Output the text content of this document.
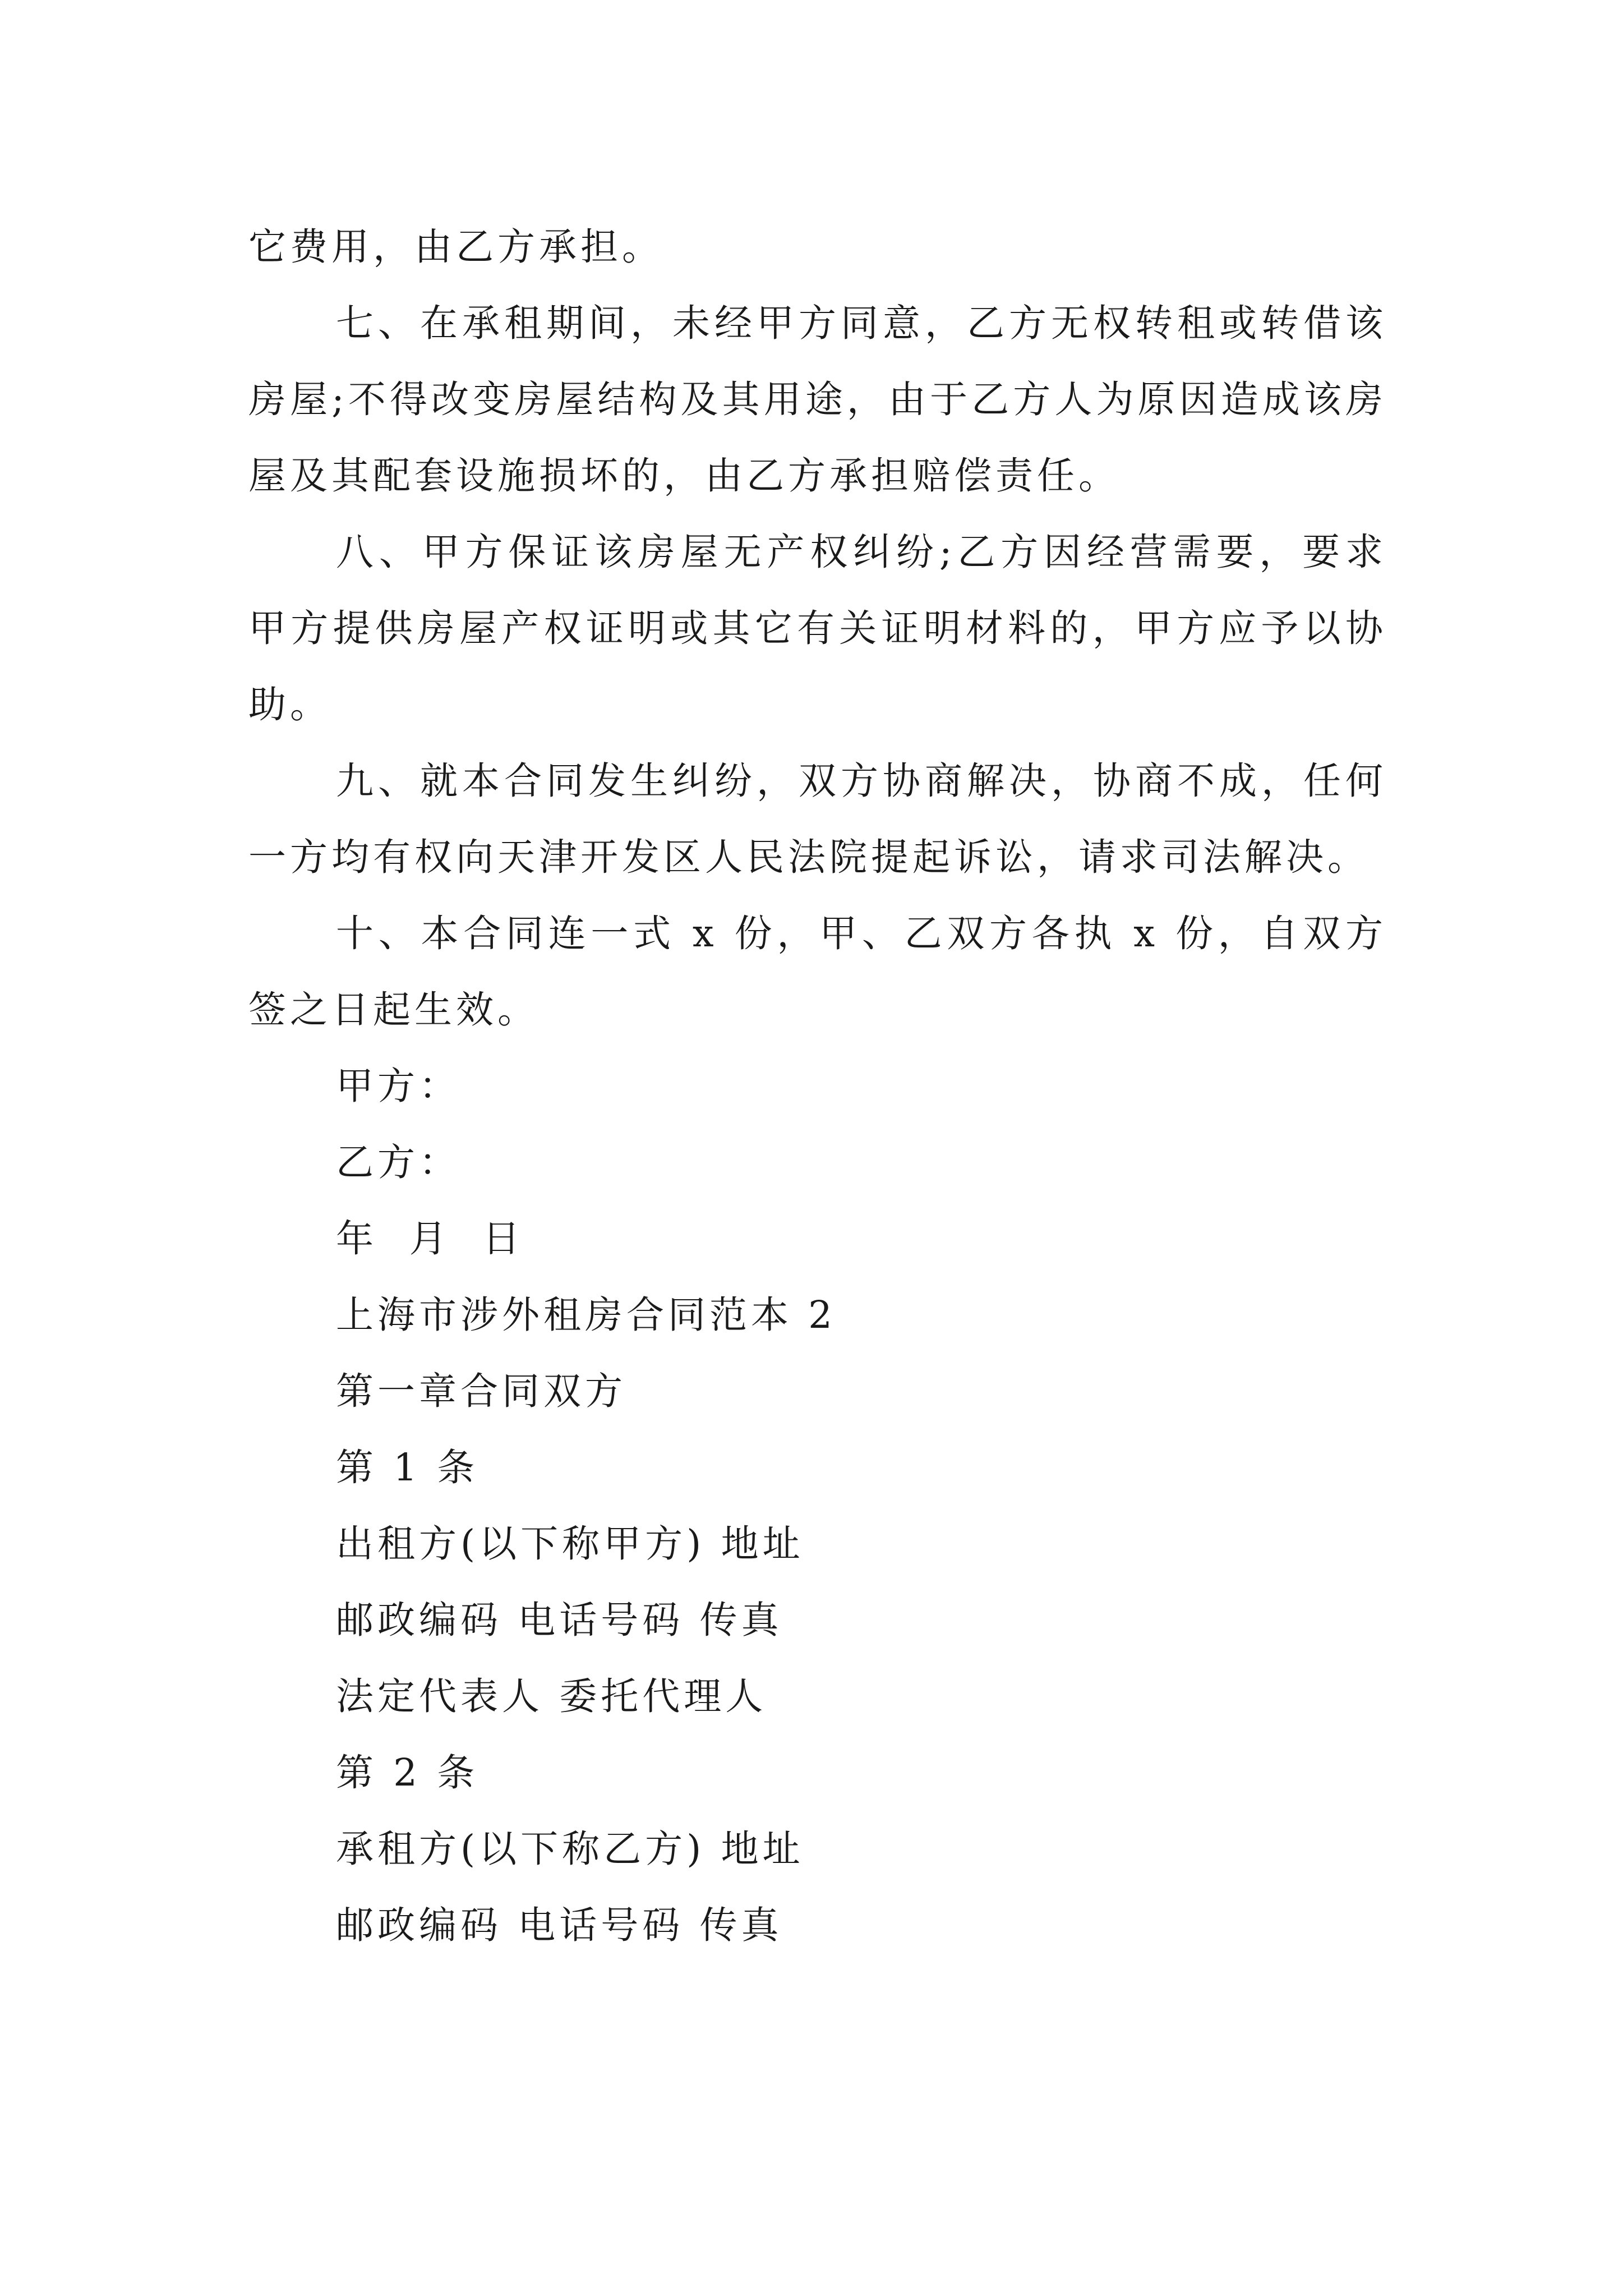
它费用，由乙方承担。

七、在承租期间，未经甲方同意，乙方无权转租或转借该房屋;不得改变房屋结构及其用途，由于乙方人为原因造成该房屋及其配套设施损坏的，由乙方承担赔偿责任。

八、甲方保证该房屋无产权纠纷;乙方因经营需要，要求甲方提供房屋产权证明或其它有关证明材料的，甲方应予以协助。

九、就本合同发生纠纷，双方协商解决，协商不成，任何一方均有权向天津开发区人民法院提起诉讼，请求司法解决。

十、本合同连一式 x 份，甲、乙双方各执 x 份，自双方签之日起生效。

甲方：

乙方：

年  月  日

上海市涉外租房合同范本 2

第一章合同双方

第 1 条

出租方(以下称甲方) 地址

邮政编码 电话号码 传真

法定代表人 委托代理人

第 2 条

承租方(以下称乙方) 地址

邮政编码 电话号码 传真
